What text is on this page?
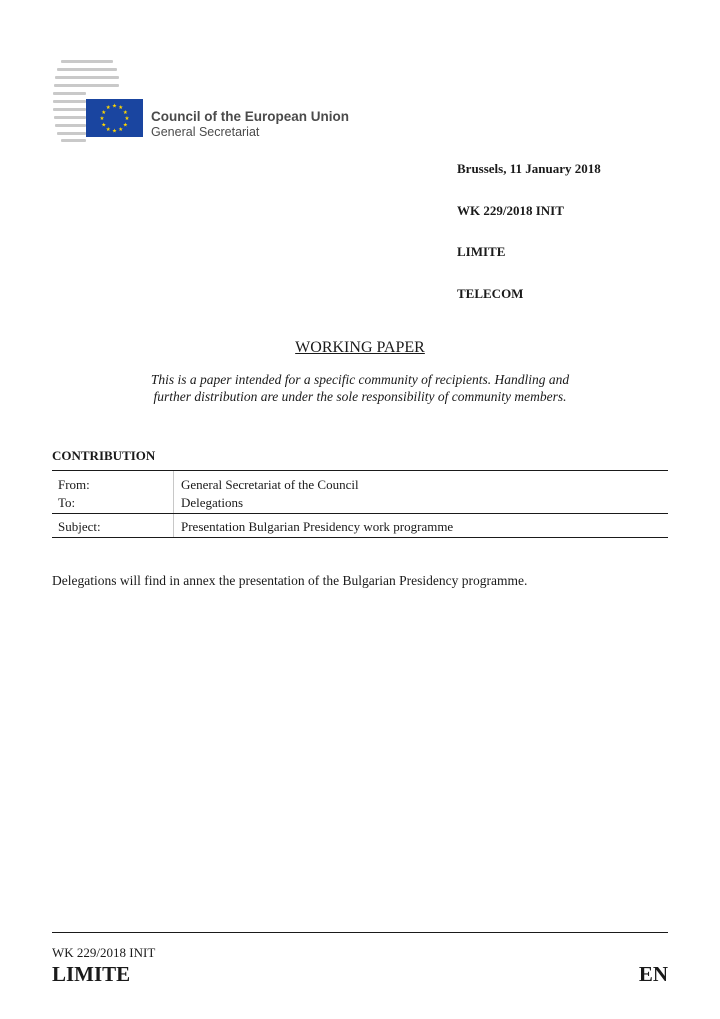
★ ★
★
★
★
★
★
★
★
★
★
★
Council of the European Union
General Secretariat
Brussels, 11 January 2018
WK 229/2018 INIT
LIMITE
TELECOM
WORKING PAPER
This is a paper intended for a specific community of recipients. Handling and
further distribution are under the sole responsibility of community members.
CONTRIBUTION
From:	General Secretariat of the Council
To:	Delegations
Subject:	Presentation Bulgarian Presidency work programme
Delegations will find in annex the presentation of the Bulgarian Presidency programme.
WK 229/2018 INIT
LIMITE	EN
